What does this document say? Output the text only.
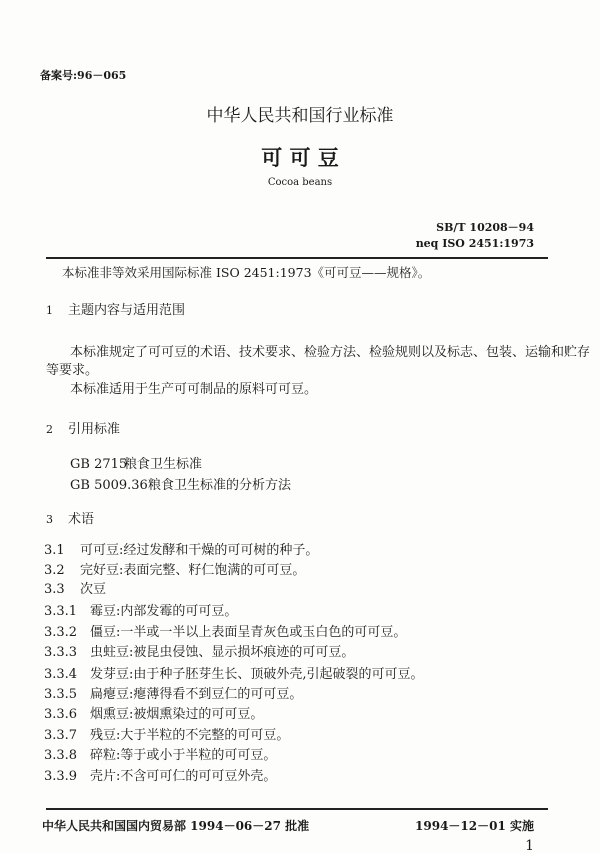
备案号:96－065
中华人民共和国行业标准
可 可 豆
Cocoa beans
SB/T 10208－94
neq ISO 2451:1973
本标准非等效采用国际标准 ISO 2451:1973《可可豆——规格》。
1 主题内容与适用范围
本标准规定了可可豆的术语、技术要求、检验方法、检验规则以及标志、包装、运输和贮存
等要求。
本标准适用于生产可可制品的原料可可豆。
2 引用标准
GB 2715粮食卫生标准
GB 5009.36粮食卫生标准的分析方法
3 术语
3.1 可可豆:经过发酵和干燥的可可树的种子。
3.2 完好豆:表面完整、籽仁饱满的可可豆。
3.3 次豆
3.3.1 霉豆:内部发霉的可可豆。
3.3.2 僵豆:一半或一半以上表面呈青灰色或玉白色的可可豆。
3.3.3 虫蛀豆:被昆虫侵蚀、显示损坏痕迹的可可豆。
3.3.4 发芽豆:由于种子胚芽生长、顶破外壳,引起破裂的可可豆。
3.3.5 扁瘪豆:瘪薄得看不到豆仁的可可豆。
3.3.6 烟熏豆:被烟熏染过的可可豆。
3.3.7 残豆:大于半粒的不完整的可可豆。
3.3.8 碎粒:等于或小于半粒的可可豆。
3.3.9 壳片:不含可可仁的可可豆外壳。
中华人民共和国国内贸易部 1994－06－27 批准	1994－12－01 实施
1
